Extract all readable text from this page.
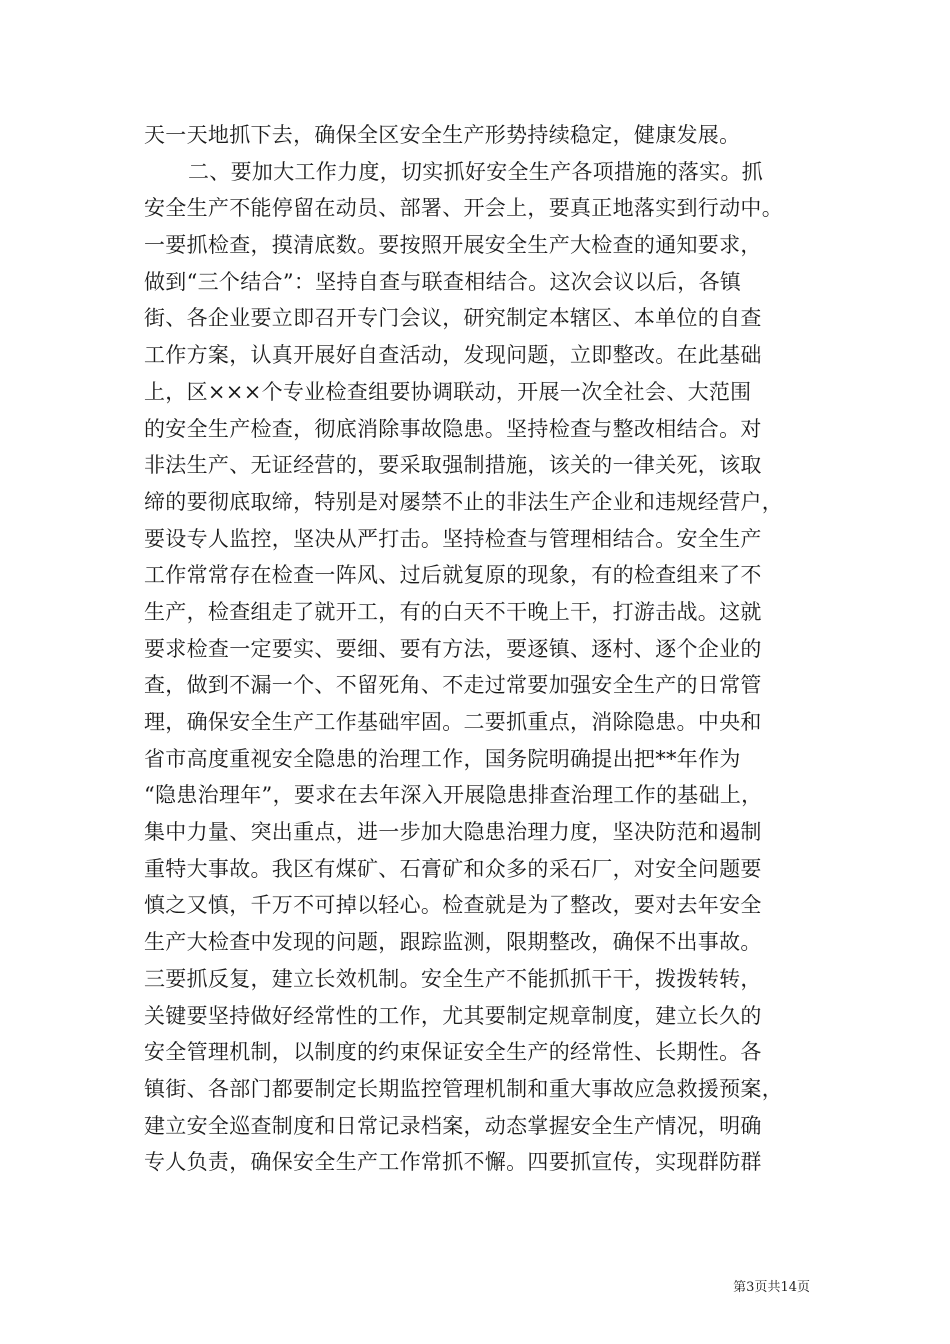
天一天地抓下去，确保全区安全生产形势持续稳定，健康发展。
二、要加大工作力度，切实抓好安全生产各项措施的落实。抓
安全生产不能停留在动员、部署、开会上，要真正地落实到行动中。
一要抓检查，摸清底数。要按照开展安全生产大检查的通知要求，
做到“三个结合”：坚持自查与联查相结合。这次会议以后，各镇
街、各企业要立即召开专门会议，研究制定本辖区、本单位的自查
工作方案，认真开展好自查活动，发现问题，立即整改。在此基础
上，区×××个专业检查组要协调联动，开展一次全社会、大范围
的安全生产检查，彻底消除事故隐患。坚持检查与整改相结合。对
非法生产、无证经营的，要采取强制措施，该关的一律关死，该取
缔的要彻底取缔，特别是对屡禁不止的非法生产企业和违规经营户，
要设专人监控，坚决从严打击。坚持检查与管理相结合。安全生产
工作常常存在检查一阵风、过后就复原的现象，有的检查组来了不
生产，检查组走了就开工，有的白天不干晚上干，打游击战。这就
要求检查一定要实、要细、要有方法，要逐镇、逐村、逐个企业的
查，做到不漏一个、不留死角、不走过常要加强安全生产的日常管
理，确保安全生产工作基础牢固。二要抓重点，消除隐患。中央和
省市高度重视安全隐患的治理工作，国务院明确提出把**年作为
“隐患治理年”，要求在去年深入开展隐患排查治理工作的基础上，
集中力量、突出重点，进一步加大隐患治理力度，坚决防范和遏制
重特大事故。我区有煤矿、石膏矿和众多的采石厂，对安全问题要
慎之又慎，千万不可掉以轻心。检查就是为了整改，要对去年安全
生产大检查中发现的问题，跟踪监测，限期整改，确保不出事故。
三要抓反复，建立长效机制。安全生产不能抓抓干干，拨拨转转，
关键要坚持做好经常性的工作，尤其要制定规章制度，建立长久的
安全管理机制，以制度的约束保证安全生产的经常性、长期性。各
镇街、各部门都要制定长期监控管理机制和重大事故应急救援预案，
建立安全巡查制度和日常记录档案，动态掌握安全生产情况，明确
专人负责，确保安全生产工作常抓不懈。四要抓宣传，实现群防群
第3页共14页
